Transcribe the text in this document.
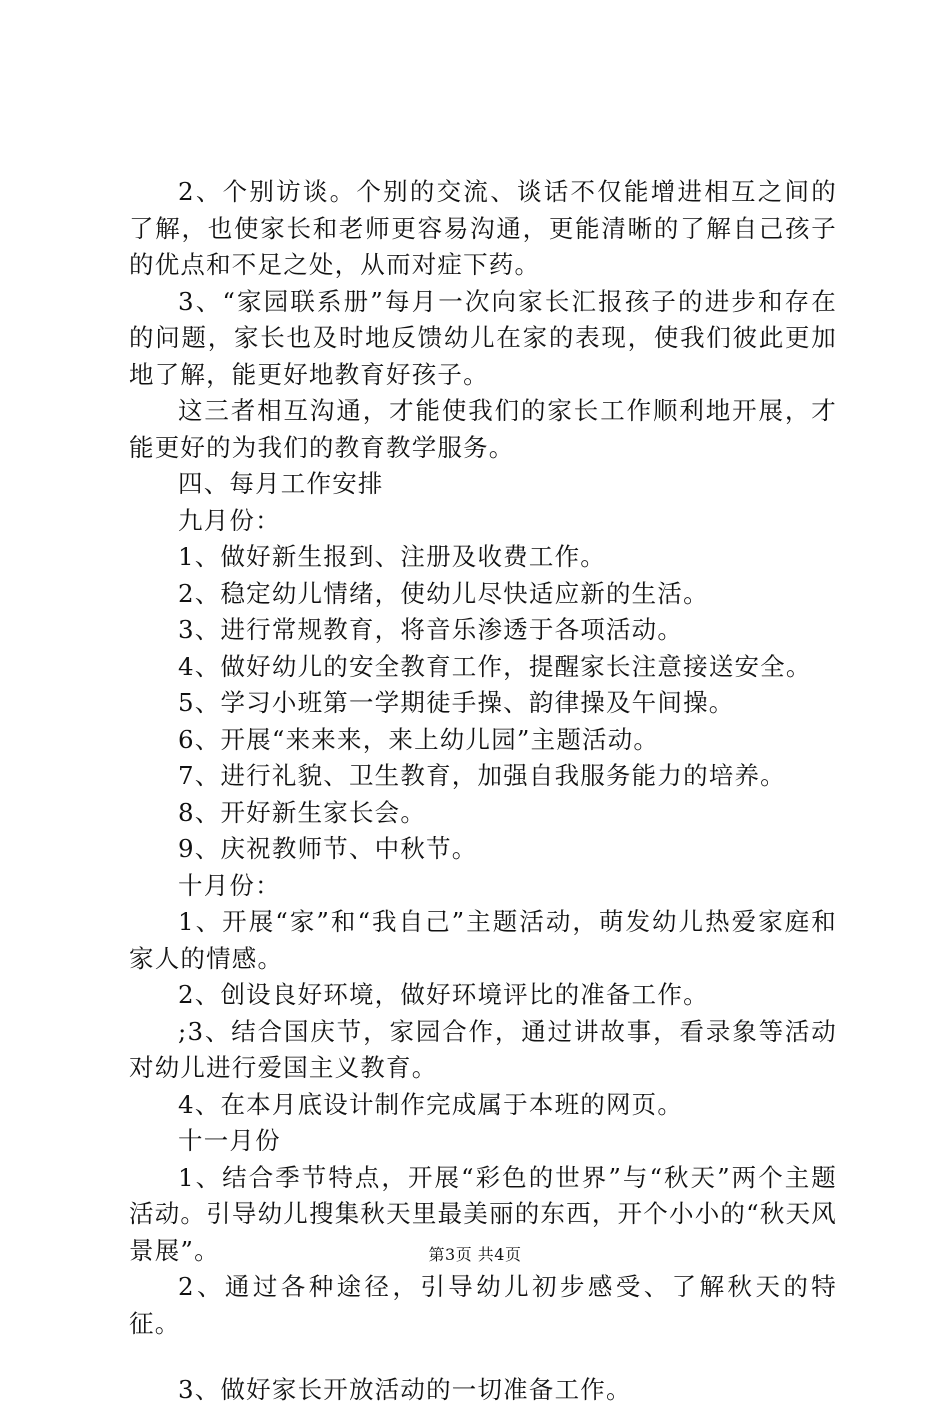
2、个别访谈。个别的交流、谈话不仅能增进相互之间的了解，也使家长和老师更容易沟通，更能清晰的了解自己孩子的优点和不足之处，从而对症下药。

3、“家园联系册”每月一次向家长汇报孩子的进步和存在的问题，家长也及时地反馈幼儿在家的表现，使我们彼此更加地了解，能更好地教育好孩子。

这三者相互沟通，才能使我们的家长工作顺利地开展，才能更好的为我们的教育教学服务。

四、每月工作安排

九月份：

1、做好新生报到、注册及收费工作。

2、稳定幼儿情绪，使幼儿尽快适应新的生活。

3、进行常规教育，将音乐渗透于各项活动。

4、做好幼儿的安全教育工作，提醒家长注意接送安全。

5、学习小班第一学期徒手操、韵律操及午间操。

6、开展“来来来，来上幼儿园”主题活动。

7、进行礼貌、卫生教育，加强自我服务能力的培养。

8、开好新生家长会。

9、庆祝教师节、中秋节。

十月份：

1、开展“家”和“我自己”主题活动，萌发幼儿热爱家庭和家人的情感。

2、创设良好环境，做好环境评比的准备工作。

;3、结合国庆节，家园合作，通过讲故事，看录象等活动对幼儿进行爱国主义教育。

4、在本月底设计制作完成属于本班的网页。

十一月份

1、结合季节特点，开展“彩色的世界”与“秋天”两个主题活动。引导幼儿搜集秋天里最美丽的东西，开个小小的“秋天风景展”。

2、通过各种途径，引导幼儿初步感受、了解秋天的特征。

3、做好家长开放活动的一切准备工作。

第3页 共4页
